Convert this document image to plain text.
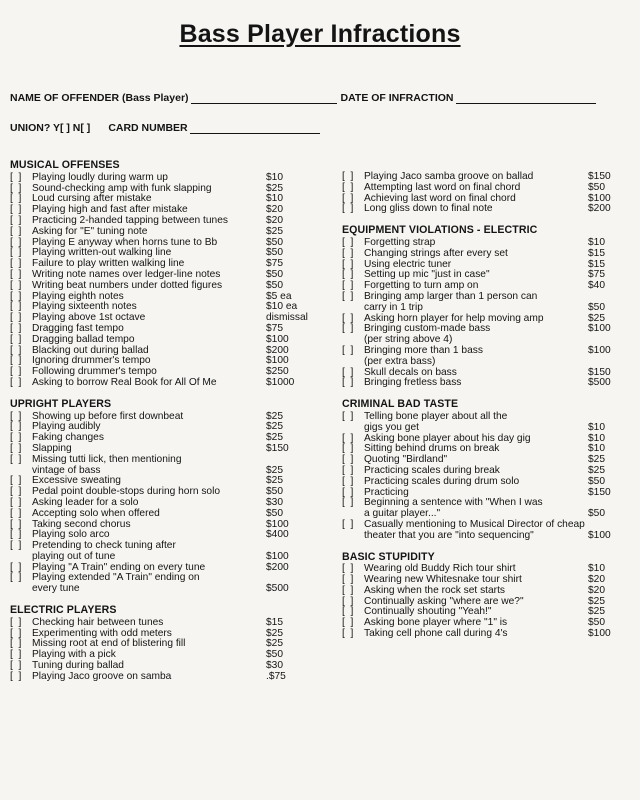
Bass Player Infractions
NAME OF OFFENDER (Bass Player)	DATE OF INFRACTION
UNION? Y[ ] N[ ] CARD NUMBER
MUSICAL OFFENSES
[  ]	Playing loudly during warm up	$10
[  ]	Sound-checking amp with funk slapping	$25
[  ]	Loud cursing after mistake	$10
[  ]	Playing high and fast after mistake	$20
[  ]	Practicing 2-handed tapping between tunes	$20
[  ]	Asking for "E" tuning note	$25
[  ]	Playing E anyway when horns tune to Bb	$50
[  ]	Playing written-out walking line	$50
[  ]	Failure to play written walking line	$75
[  ]	Writing note names over ledger-line notes	$50
[  ]	Writing beat numbers under dotted figures	$50
[  ]	Playing eighth notes	$5 ea
[  ]	Playing sixteenth notes	$10 ea
[  ]	Playing above 1st octave	dismissal
[  ]	Dragging fast tempo	$75
[  ]	Dragging ballad tempo	$100
[  ]	Blacking out during ballad	$200
[  ]	Ignoring drummer's tempo	$100
[  ]	Following drummer's tempo	$250
[  ]	Asking to borrow Real Book for All Of Me	$1000
UPRIGHT PLAYERS
[  ]	Showing up before first downbeat	$25
[  ]	Playing audibly	$25
[  ]	Faking changes	$25
[  ]	Slapping	$150
[  ]	Missing tutti lick, then mentioning
vintage of bass	$25
[  ]	Excessive sweating	$25
[  ]	Pedal point double-stops during horn solo	$50
[  ]	Asking leader for a solo	$30
[  ]	Accepting solo when offered	$50
[  ]	Taking second chorus	$100
[  ]	Playing solo arco	$400
[  ]	Pretending to check tuning after
playing out of tune	$100
[  ]	Playing "A Train" ending on every tune	$200
[  ]	Playing extended "A Train" ending on
every tune	$500
ELECTRIC PLAYERS
[  ]	Checking hair between tunes	$15
[  ]	Experimenting with odd meters	$25
[  ]	Missing root at end of blistering fill	$25
[  ]	Playing with a pick	$50
[  ]	Tuning during ballad	$30
[  ]	Playing Jaco groove on samba	.$75
[  ]	Playing Jaco samba groove on ballad	$150
[  ]	Attempting last word on final chord	$50
[  ]	Achieving last word on final chord	$100
[  ]	Long gliss down to final note	$200
EQUIPMENT VIOLATIONS - ELECTRIC
[  ]	Forgetting strap	$10
[  ]	Changing strings after every set	$15
[  ]	Using electric tuner	$15
[  ]	Setting up mic "just in case"	$75
[  ]	Forgetting to turn amp on	$40
[  ]	Bringing amp larger than 1 person can
carry in 1 trip	$50
[  ]	Asking horn player for help moving amp	$25
[  ]	Bringing custom-made bass	$100
(per string above 4)
[  ]	Bringing more than 1 bass	$100
(per extra bass)
[  ]	Skull decals on bass	$150
[  ]	Bringing fretless bass	$500
CRIMINAL BAD TASTE
[  ]	Telling bone player about all the
gigs you get	$10
[  ]	Asking bone player about his day gig	$10
[  ]	Sitting behind drums on break	$10
[  ]	Quoting "Birdland"	$25
[  ]	Practicing scales during break	$25
[  ]	Practicing scales during drum solo	$50
[  ]	Practicing	$150
[  ]	Beginning a sentence with "When I was
a guitar player..."	$50
[  ]	Casually mentioning to Musical Director of cheap
theater that you are "into sequencing"	$100
BASIC STUPIDITY
[  ]	Wearing old Buddy Rich tour shirt	$10
[  ]	Wearing new Whitesnake tour shirt	$20
[  ]	Asking when the rock set starts	$20
[  ]	Continually asking "where are we?"	$25
[  ]	Continually shouting "Yeah!"	$25
[  ]	Asking bone player where "1" is	$50
[  ]	Taking cell phone call during 4's	$100
